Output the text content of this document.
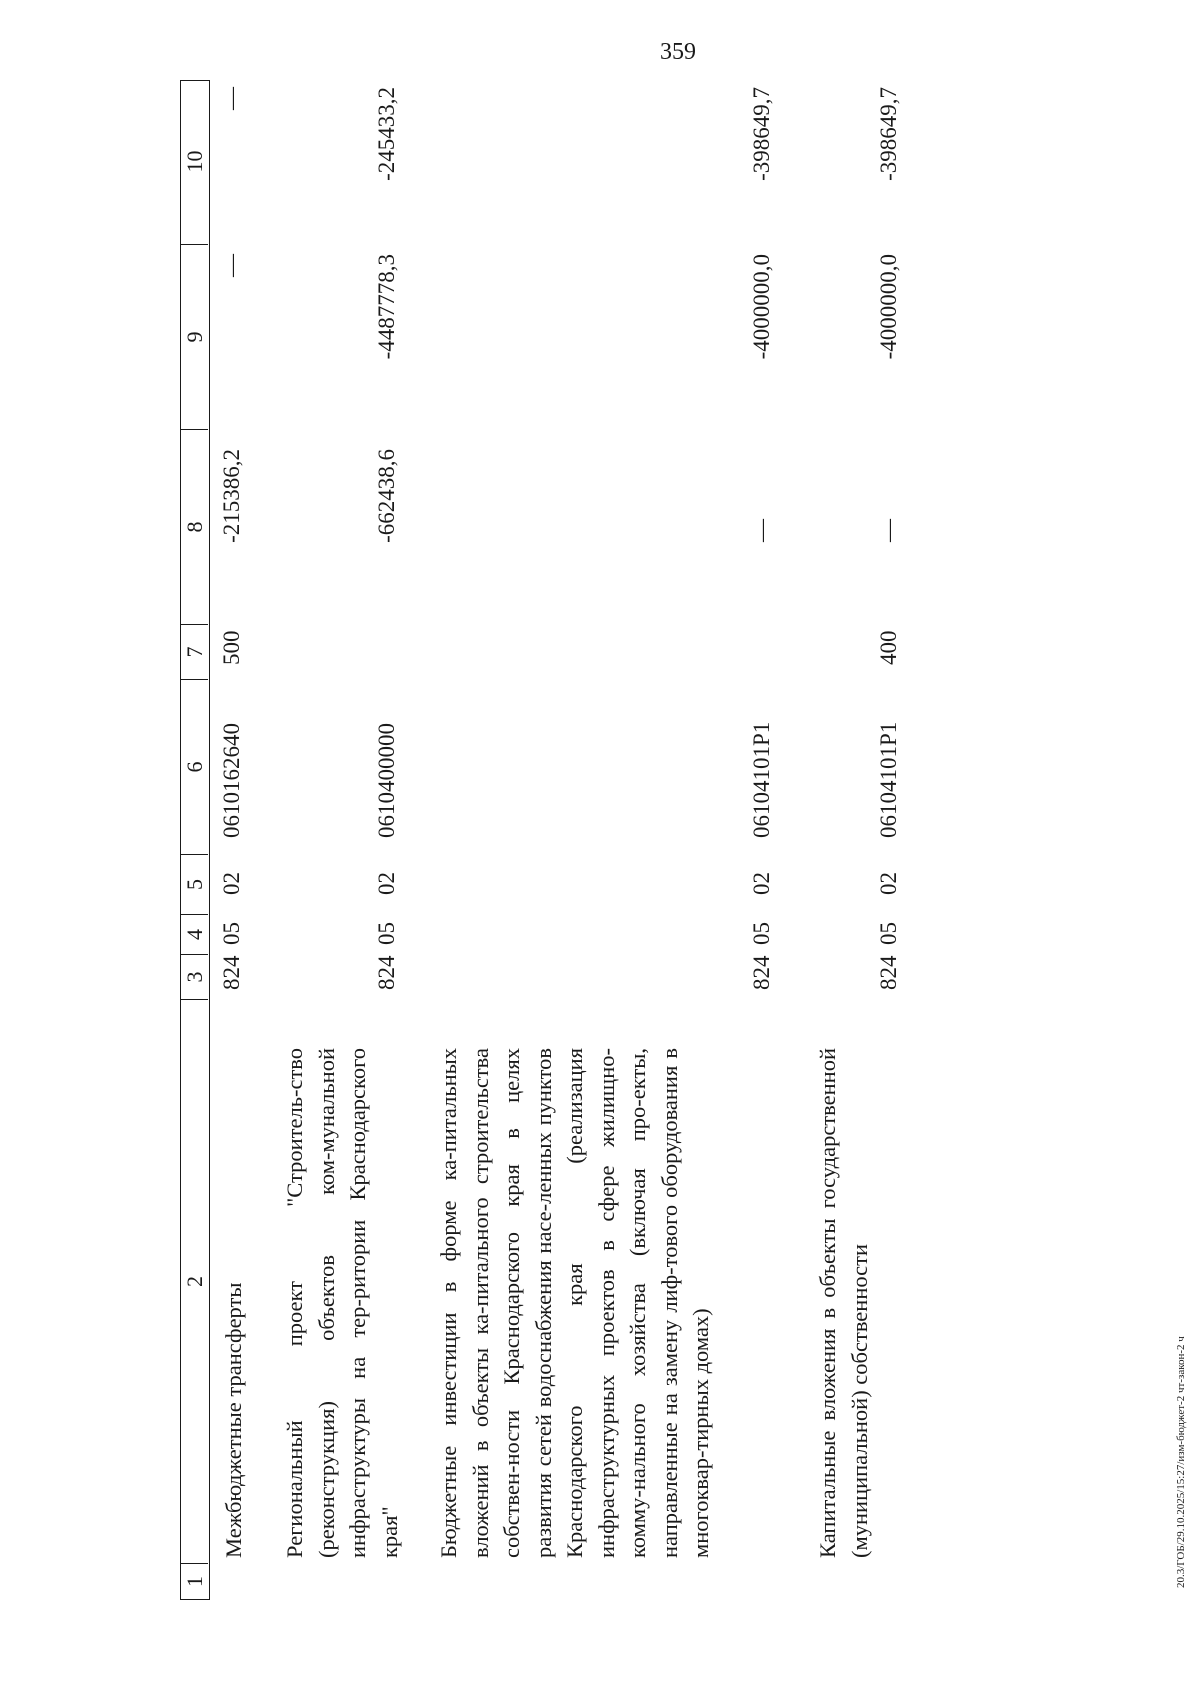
359
1
2
3
4
5
6
7
8
9
10
Межбюджетные трансферты
824
05
02
0610162640
500
-215386,2
—
—
Региональный проект "Строитель-ство (реконструкция) объектов ком-мунальной инфраструктуры на тер-ритории Краснодарского края"
824
05
02
0610400000
-662438,6
-4487778,3
-245433,2
Бюджетные инвестиции в форме ка-питальных вложений в объекты ка-питального строительства собствен-ности Краснодарского края в целях развития сетей водоснабжения насе-ленных пунктов Краснодарского края (реализация инфраструктурных проектов в сфере жилищно-комму-нального хозяйства (включая про-екты, направленные на замену лиф-тового оборудования в многоквар-тирных домах)
824
05
02
06104101P1
—
-4000000,0
-398649,7
Капитальные вложения в объекты государственной (муниципальной) собственности
824
05
02
06104101P1
400
—
-4000000,0
-398649,7
20.3/ГОБ/29.10.2025/15:27/изм-бюджет-2 чт-закон-2 ч
